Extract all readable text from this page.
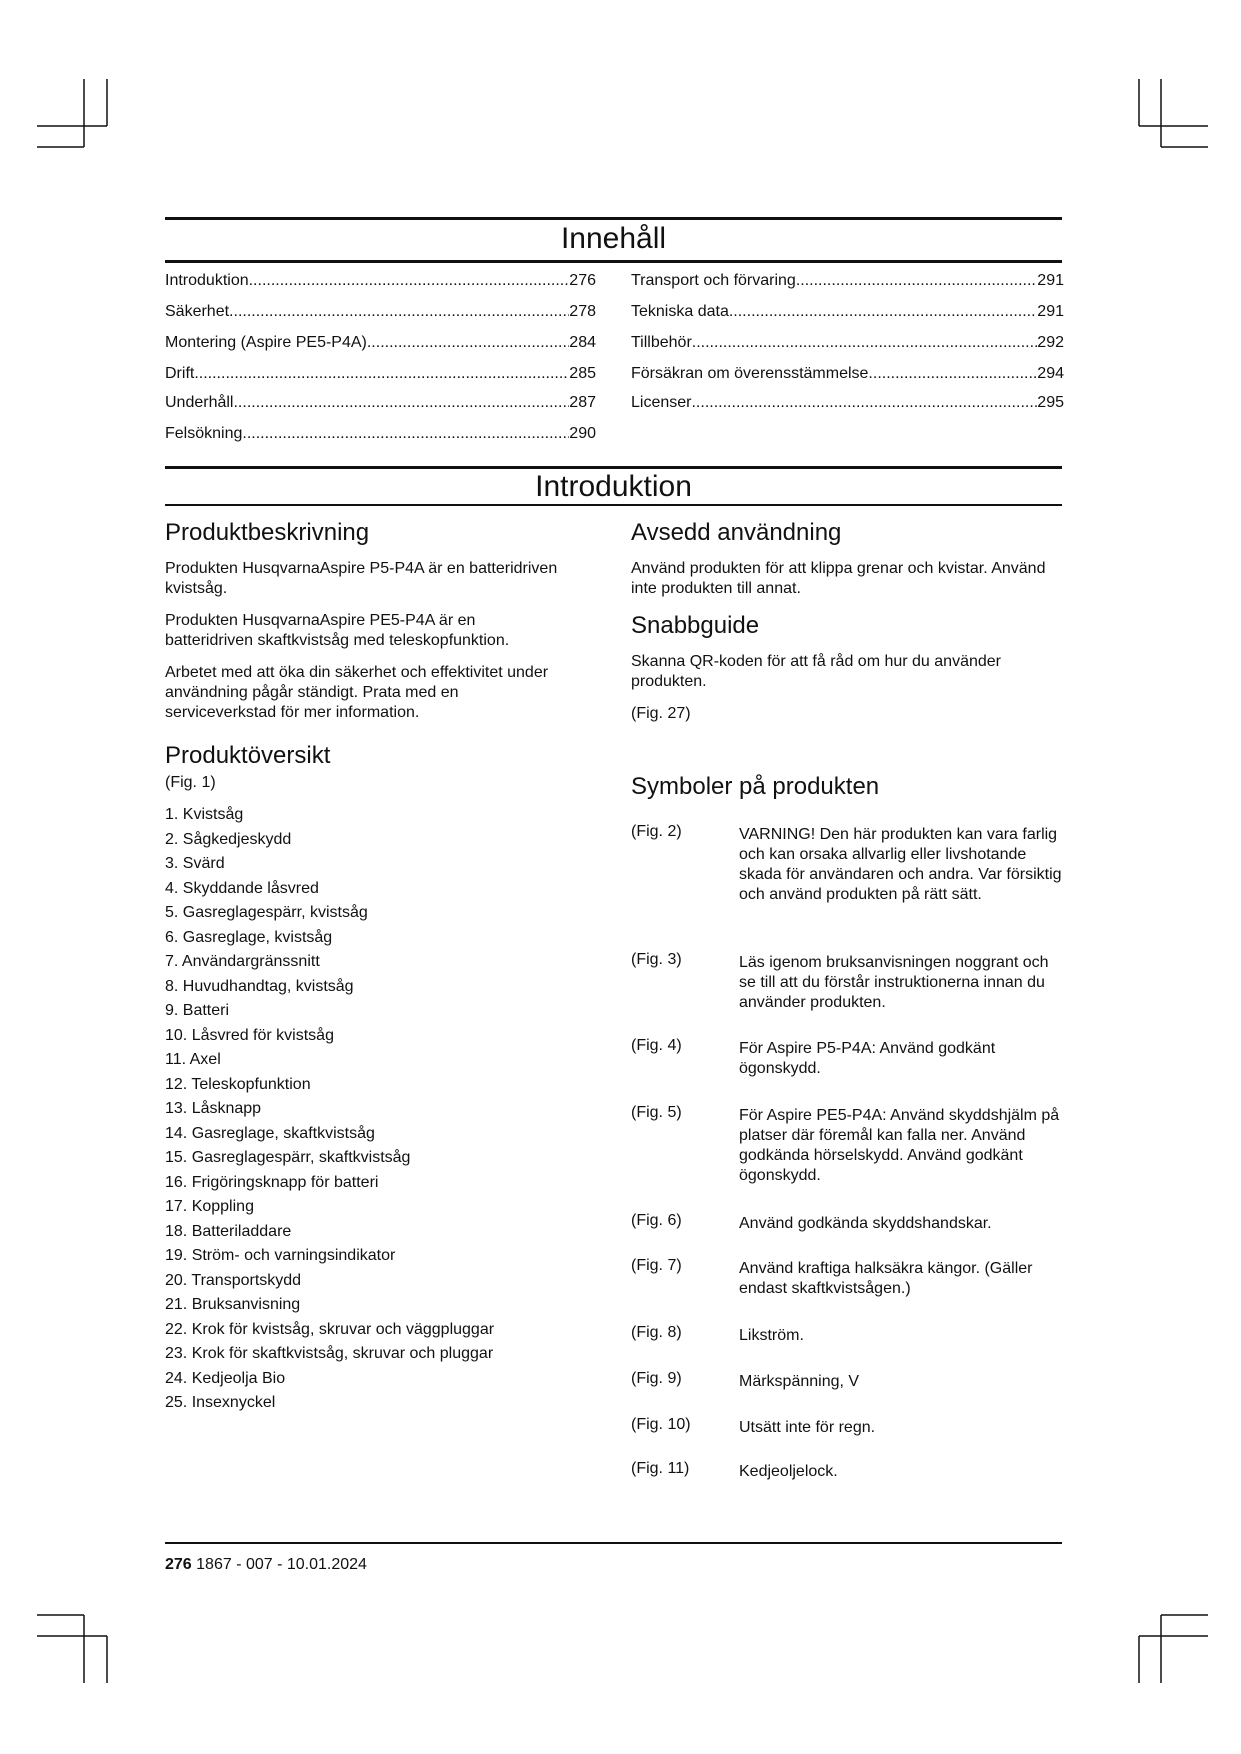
Innehåll
Introduktion .....	276
Säkerhet .....	278
Montering (Aspire PE5-P4A) .....	284
Drift .....	285
Underhåll .....	287
Felsökning .....	290
Transport och förvaring .....	291
Tekniska data .....	291
Tillbehör .....	292
Försäkran om överensstämmelse .....	294
Licenser .....	295
Introduktion
Produktbeskrivning
Produkten HusqvarnaAspire P5-P4A är en batteridriven kvistsåg.
Produkten HusqvarnaAspire PE5-P4A är en batteridriven skaftkvistsåg med teleskopfunktion.
Arbetet med att öka din säkerhet och effektivitet under användning pågår ständigt. Prata med en serviceverkstad för mer information.
Produktöversikt
(Fig. 1)
1. Kvistsåg
2. Sågkedjeskydd
3. Svärd
4. Skyddande låsvred
5. Gasreglagespärr, kvistsåg
6. Gasreglage, kvistsåg
7. Användargränssnitt
8. Huvudhandtag, kvistsåg
9. Batteri
10. Låsvred för kvistsåg
11. Axel
12. Teleskopfunktion
13. Låsknapp
14. Gasreglage, skaftkvistsåg
15. Gasreglagespärr, skaftkvistsåg
16. Frigöringsknapp för batteri
17. Koppling
18. Batteriladdare
19. Ström- och varningsindikator
20. Transportskydd
21. Bruksanvisning
22. Krok för kvistsåg, skruvar och väggpluggar
23. Krok för skaftkvistsåg, skruvar och pluggar
24. Kedjeolja Bio
25. Insexnyckel
Avsedd användning
Använd produkten för att klippa grenar och kvistar. Använd inte produkten till annat.
Snabbguide
Skanna QR-koden för att få råd om hur du använder produkten.
(Fig. 27)
Symboler på produkten
(Fig. 2)	VARNING! Den här produkten kan vara farlig och kan orsaka allvarlig eller livshotande skada för användaren och andra. Var försiktig och använd produkten på rätt sätt.
(Fig. 3)	Läs igenom bruksanvisningen noggrant och se till att du förstår instruktionerna innan du använder produkten.
(Fig. 4)	För Aspire P5-P4A: Använd godkänt ögonskydd.
(Fig. 5)	För Aspire PE5-P4A: Använd skyddshjälm på platser där föremål kan falla ner. Använd godkända hörselskydd. Använd godkänt ögonskydd.
(Fig. 6)	Använd godkända skyddshandskar.
(Fig. 7)	Använd kraftiga halksäkra kängor. (Gäller endast skaftkvistsågen.)
(Fig. 8)	Likström.
(Fig. 9)	Märkspänning, V
(Fig. 10)	Utsätt inte för regn.
(Fig. 11)	Kedjeoljelock.
276 1867 - 007 - 10.01.2024
